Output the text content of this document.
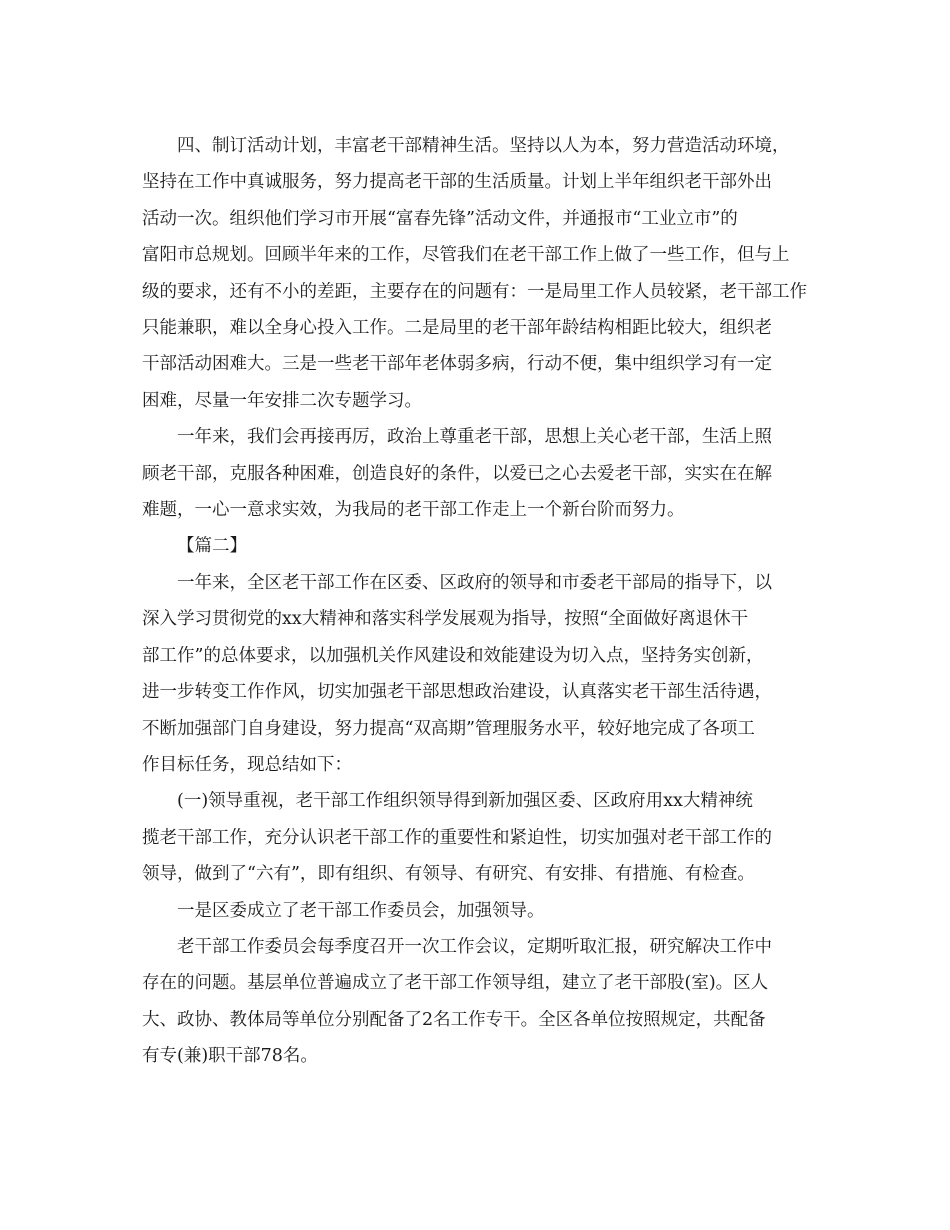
四、制订活动计划，丰富老干部精神生活。坚持以人为本，努力营造活动环境，
坚持在工作中真诚服务，努力提高老干部的生活质量。计划上半年组织老干部外出
活动一次。组织他们学习市开展“富春先锋”活动文件，并通报市“工业立市”的
富阳市总规划。回顾半年来的工作，尽管我们在老干部工作上做了一些工作，但与上
级的要求，还有不小的差距，主要存在的问题有：一是局里工作人员较紧，老干部工作
只能兼职，难以全身心投入工作。二是局里的老干部年龄结构相距比较大，组织老
干部活动困难大。三是一些老干部年老体弱多病，行动不便，集中组织学习有一定
困难，尽量一年安排二次专题学习。
一年来，我们会再接再厉，政治上尊重老干部，思想上关心老干部，生活上照
顾老干部，克服各种困难，创造良好的条件，以爱已之心去爱老干部，实实在在解
难题，一心一意求实效，为我局的老干部工作走上一个新台阶而努力。
【篇二】
一年来，全区老干部工作在区委、区政府的领导和市委老干部局的指导下，以
深入学习贯彻党的xx大精神和落实科学发展观为指导，按照“全面做好离退休干
部工作”的总体要求，以加强机关作风建设和效能建设为切入点，坚持务实创新，
进一步转变工作作风，切实加强老干部思想政治建设，认真落实老干部生活待遇，
不断加强部门自身建设，努力提高“双高期”管理服务水平，较好地完成了各项工
作目标任务，现总结如下：
(一)领导重视，老干部工作组织领导得到新加强区委、区政府用xx大精神统
揽老干部工作，充分认识老干部工作的重要性和紧迫性，切实加强对老干部工作的
领导，做到了“六有”，即有组织、有领导、有研究、有安排、有措施、有检查。
一是区委成立了老干部工作委员会，加强领导。
老干部工作委员会每季度召开一次工作会议，定期听取汇报，研究解决工作中
存在的问题。基层单位普遍成立了老干部工作领导组，建立了老干部股(室)。区人
大、政协、教体局等单位分别配备了2名工作专干。全区各单位按照规定，共配备
有专(兼)职干部78名。
